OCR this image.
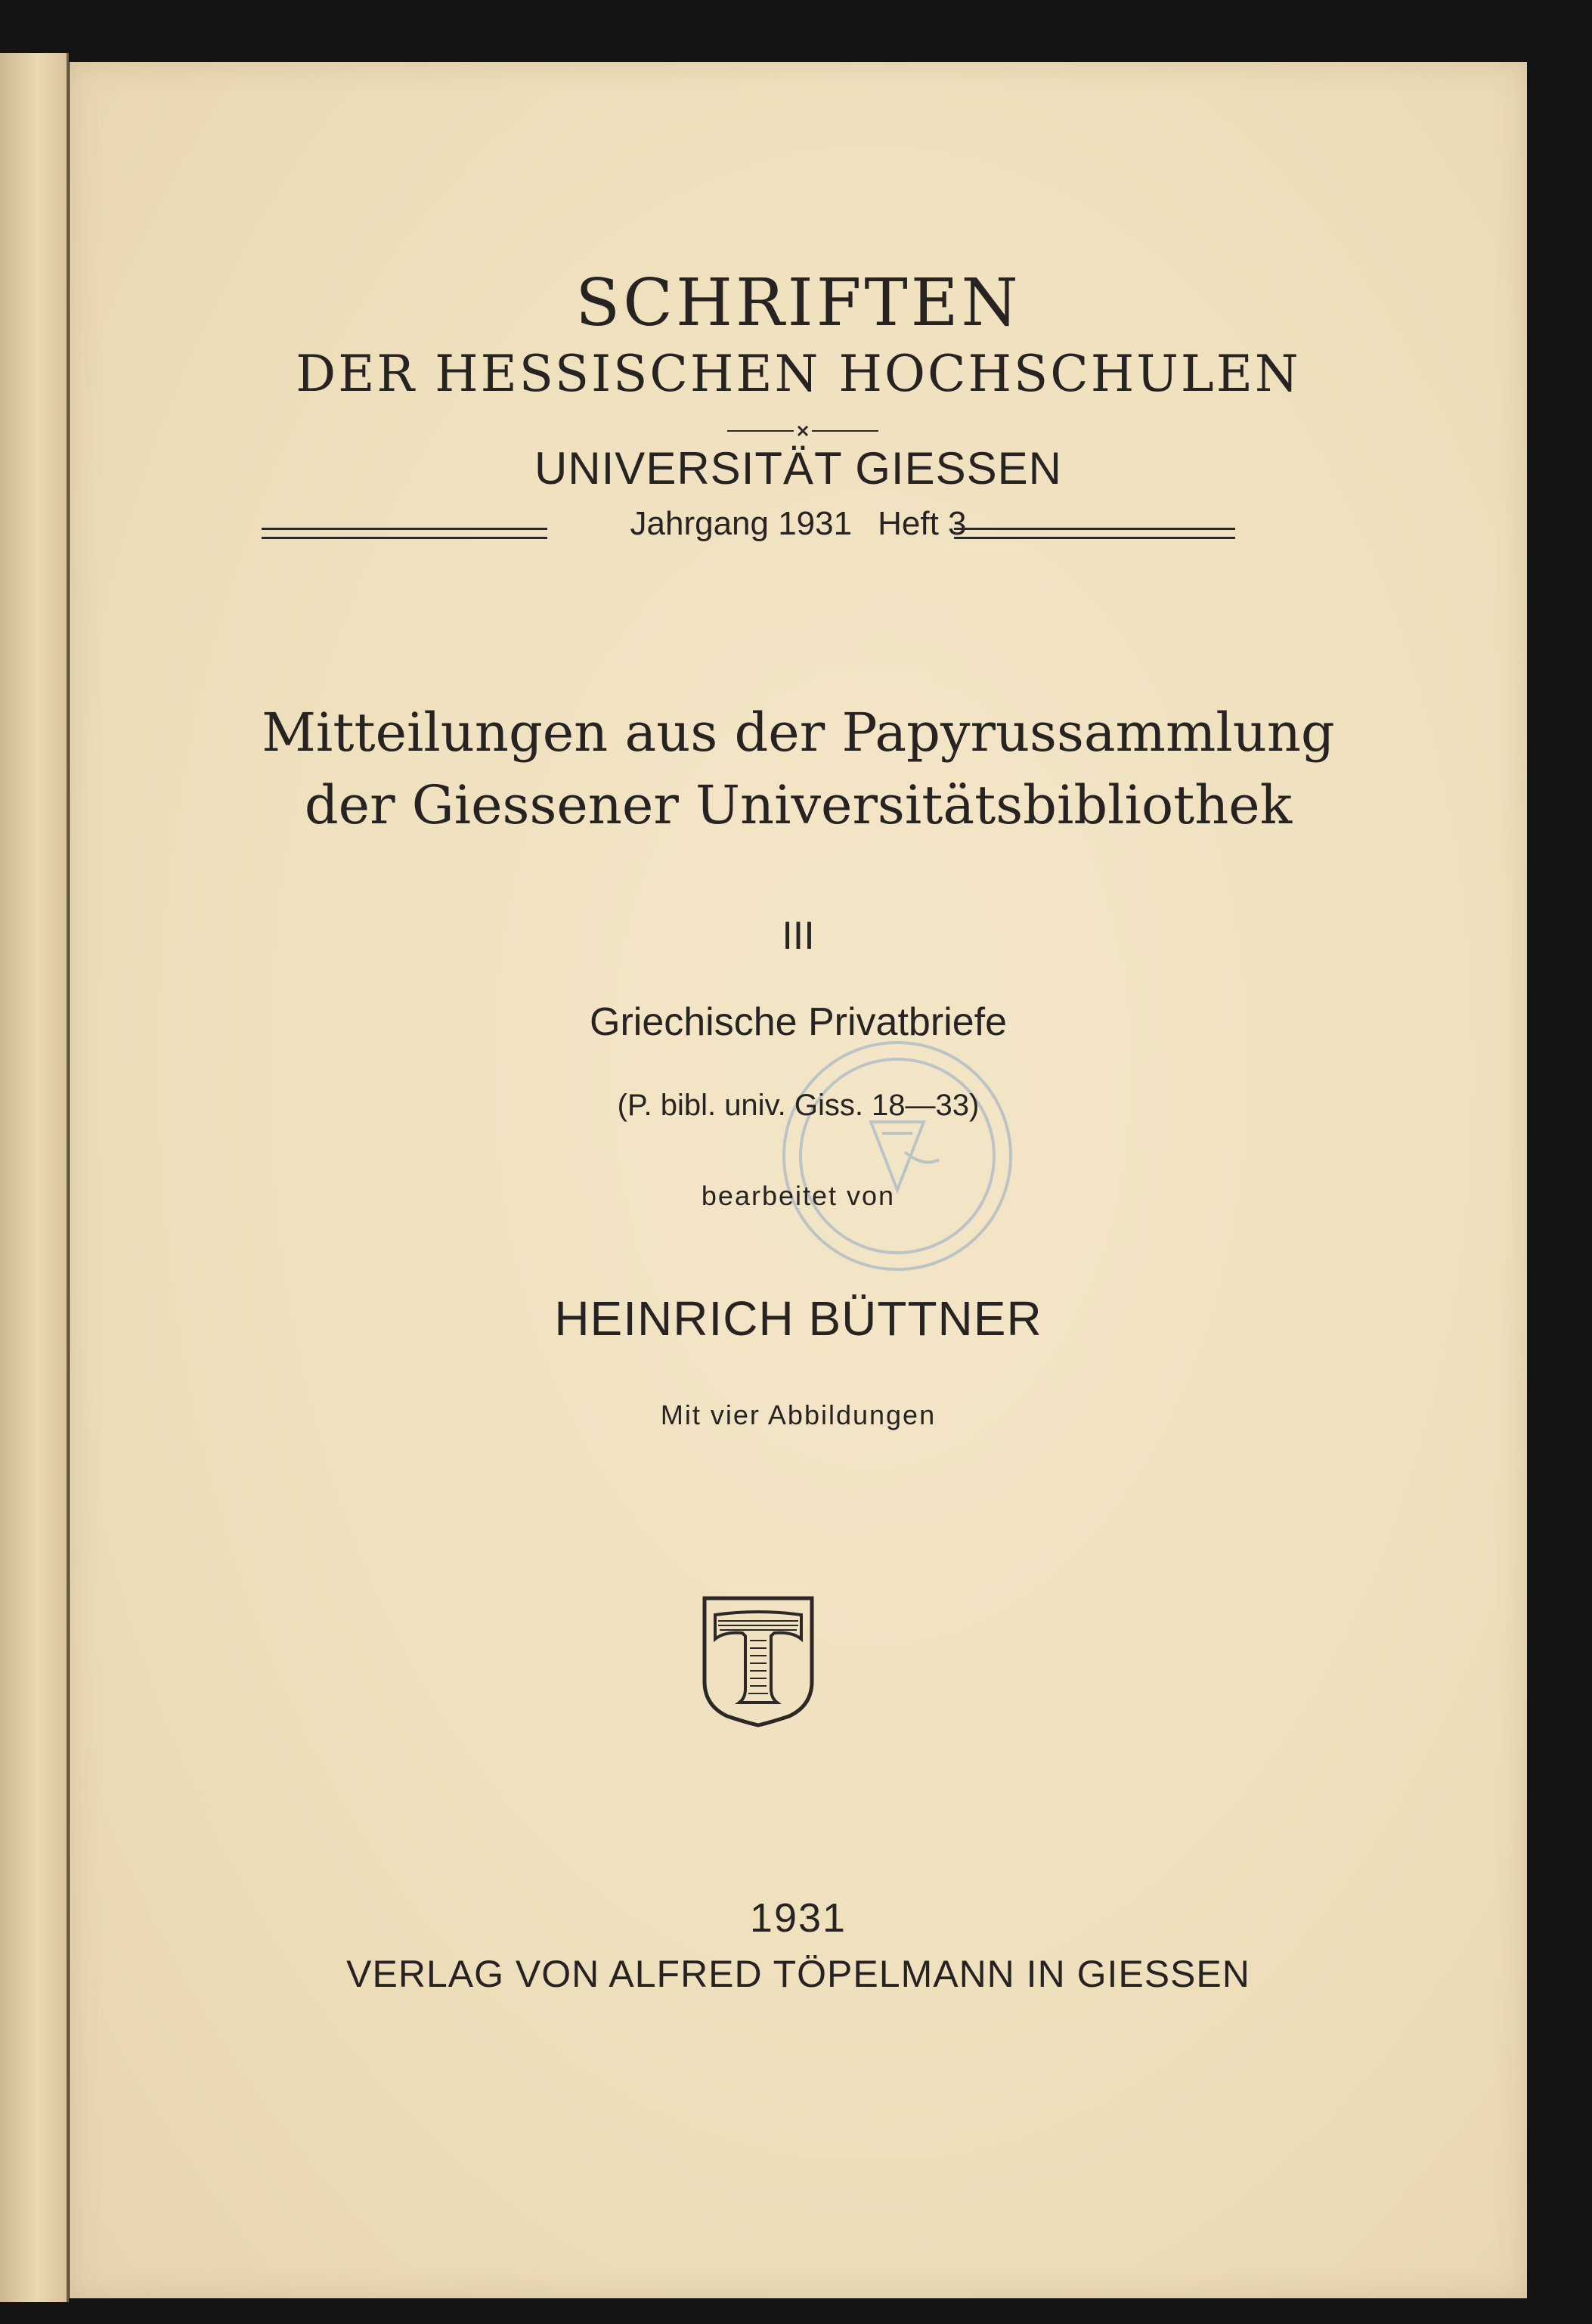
SCHRIFTEN

DER HESSISCHEN HOCHSCHULEN

UNIVERSITÄT GIESSEN

Jahrgang 1931 Heft 3

Mitteilungen aus der Papyrussammlung

der Giessener Universitätsbibliothek

III

Griechische Privatbriefe

(P. bibl. univ. Giss. 18—33)

bearbeitet von

HEINRICH BÜTTNER

Mit vier Abbildungen

1931

VERLAG VON ALFRED TÖPELMANN IN GIESSEN
